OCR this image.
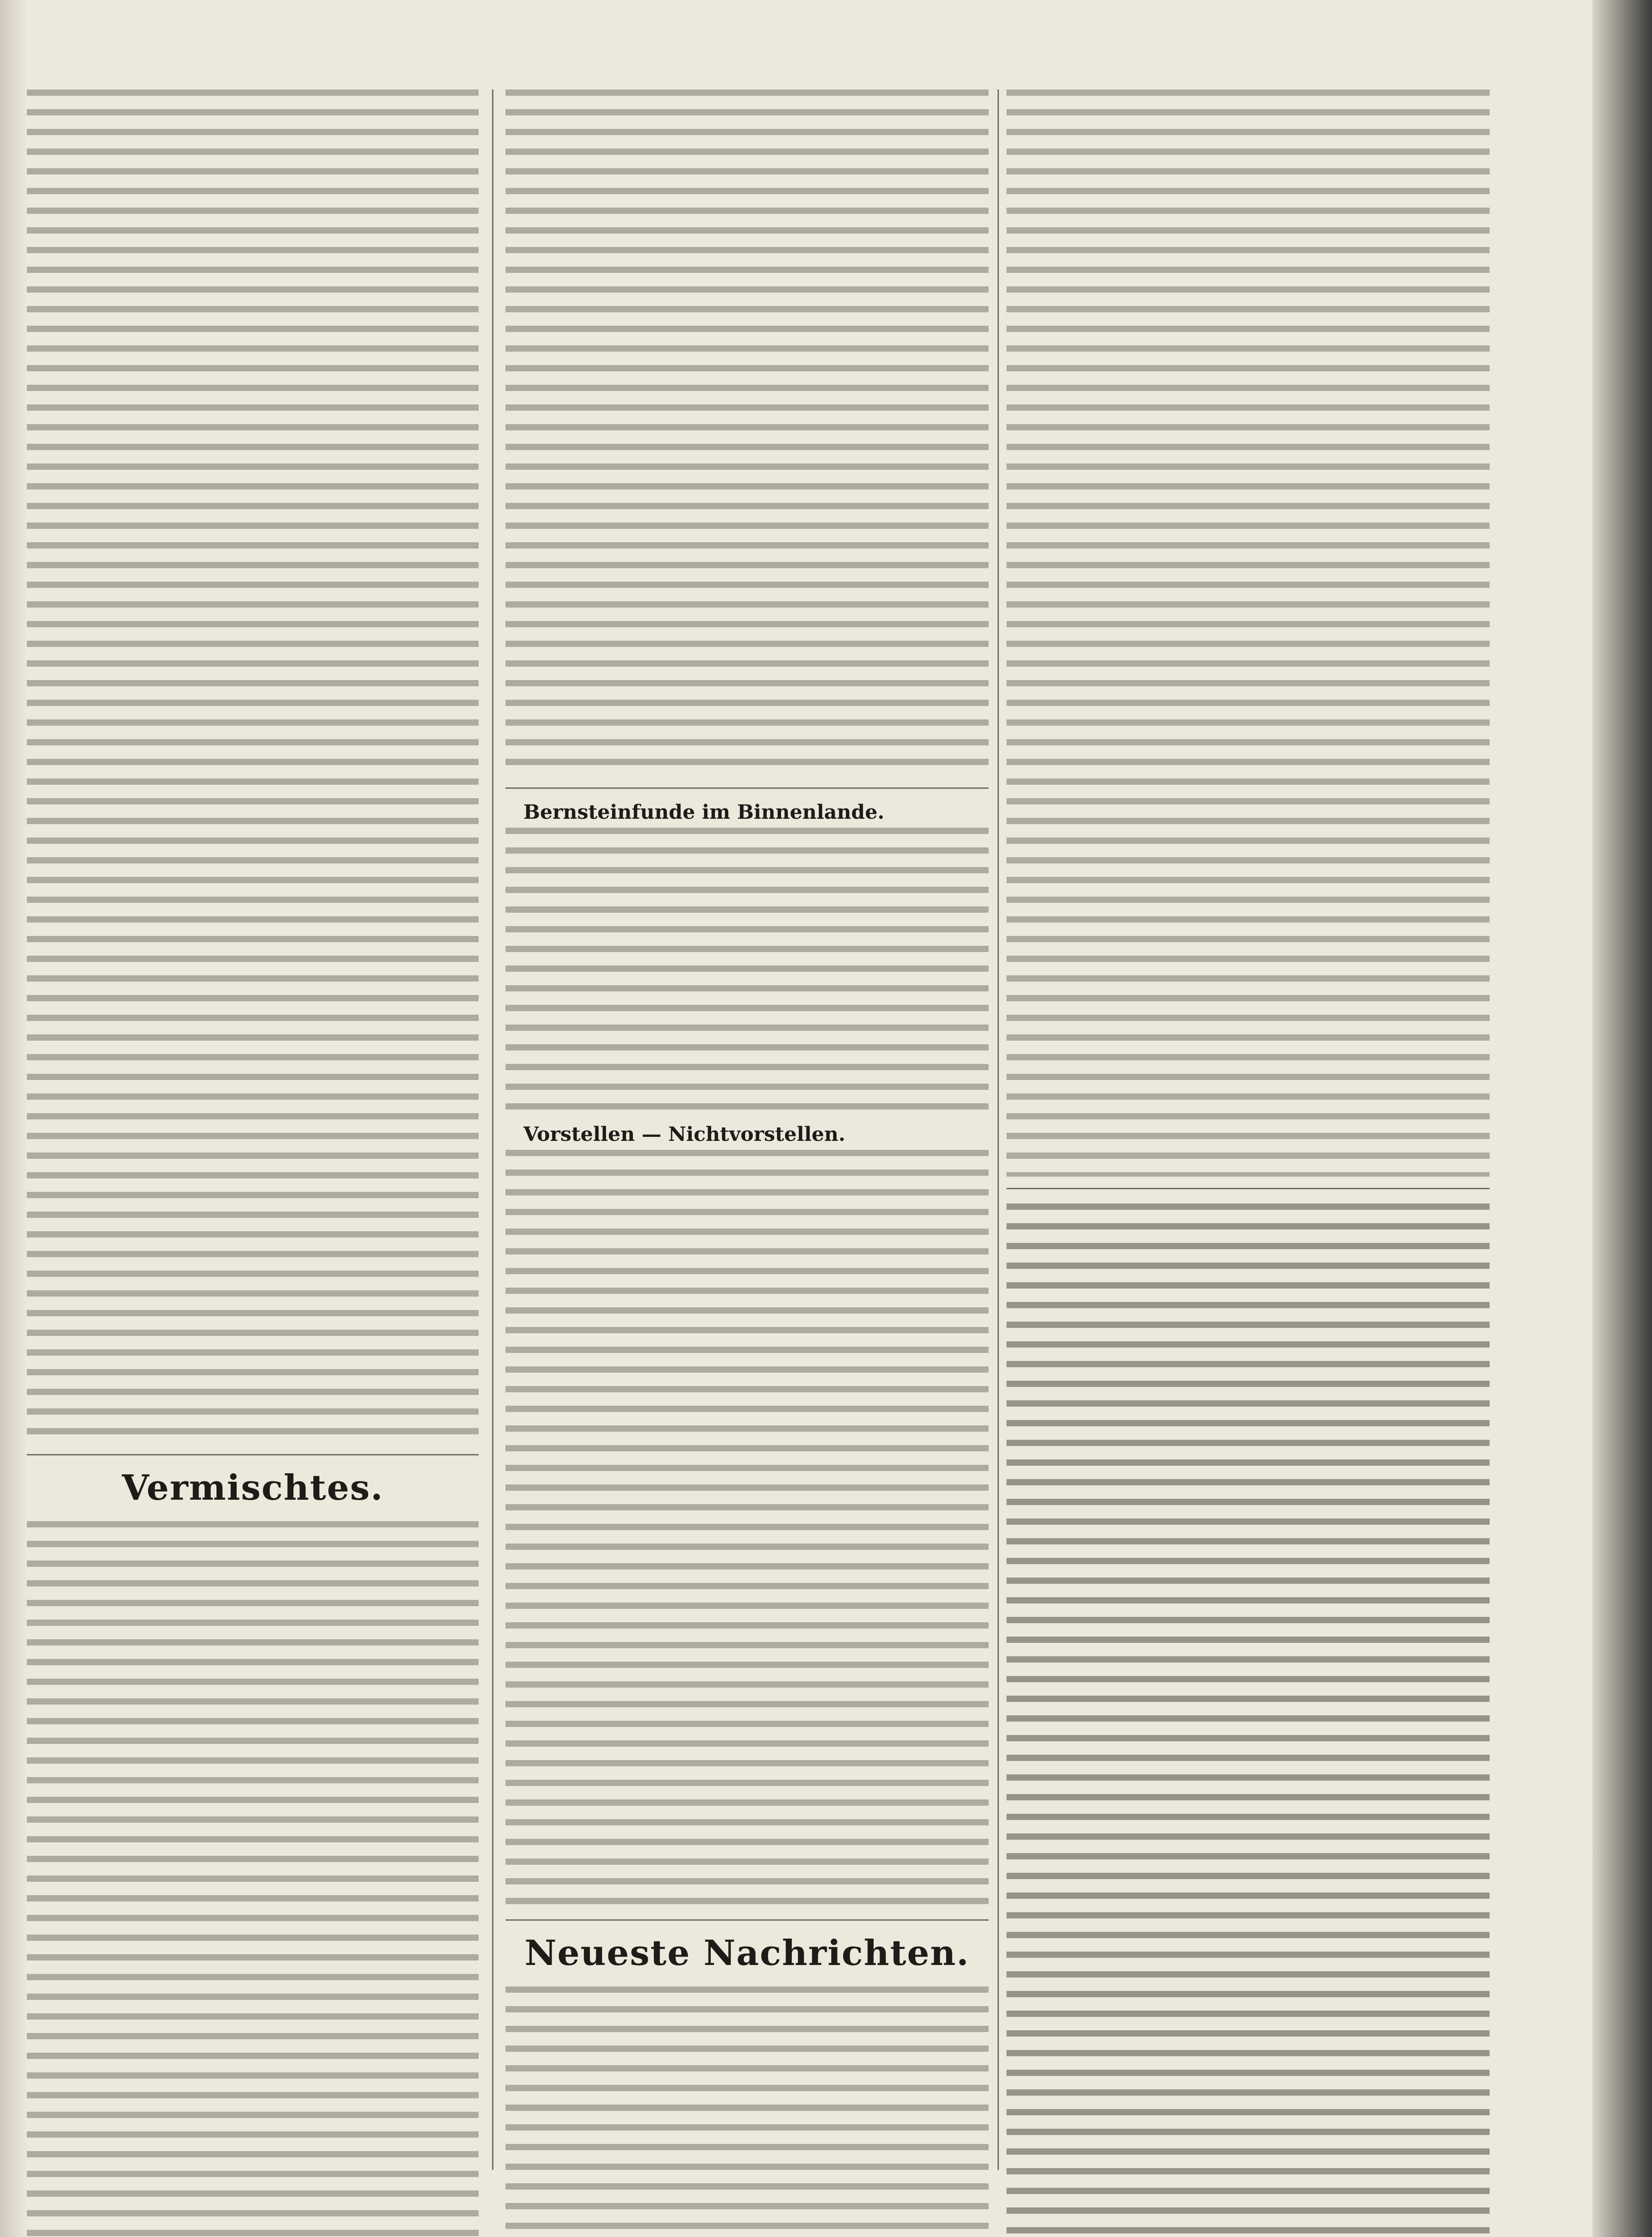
Vermischtes.
Bernsteinfunde im Binnenlande.
Vorstellen — Nichtvorstellen.
Neueste Nachrichten.
